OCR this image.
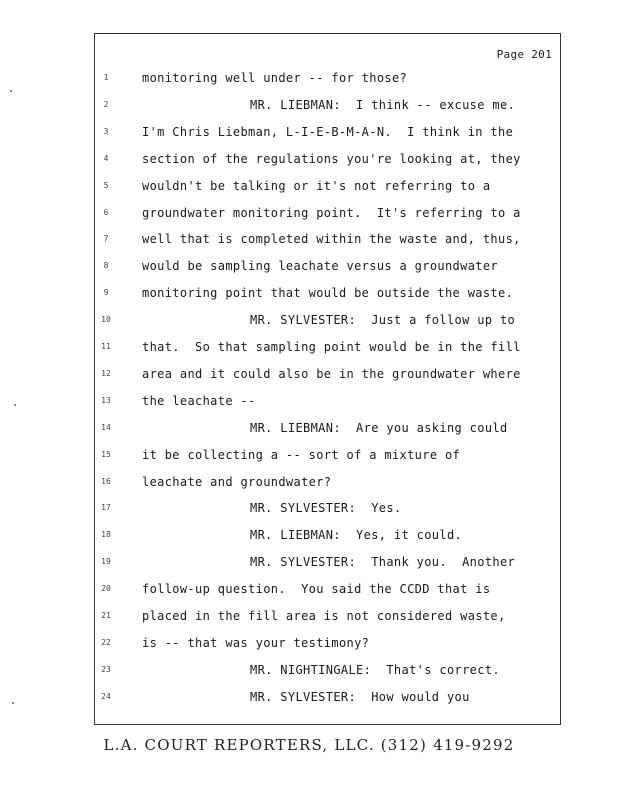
Page 201
1	monitoring well under -- for those?
2	MR. LIEBMAN:  I think -- excuse me.
3	I'm Chris Liebman, L-I-E-B-M-A-N.  I think in the
4	section of the regulations you're looking at, they
5	wouldn't be talking or it's not referring to a
6	groundwater monitoring point.  It's referring to a
7	well that is completed within the waste and, thus,
8	would be sampling leachate versus a groundwater
9	monitoring point that would be outside the waste.
10	MR. SYLVESTER:  Just a follow up to
11	that.  So that sampling point would be in the fill
12	area and it could also be in the groundwater where
13	the leachate --
14	MR. LIEBMAN:  Are you asking could
15	it be collecting a -- sort of a mixture of
16	leachate and groundwater?
17	MR. SYLVESTER:  Yes.
18	MR. LIEBMAN:  Yes, it could.
19	MR. SYLVESTER:  Thank you.  Another
20	follow-up question.  You said the CCDD that is
21	placed in the fill area is not considered waste,
22	is -- that was your testimony?
23	MR. NIGHTINGALE:  That's correct.
24	MR. SYLVESTER:  How would you
L.A. COURT REPORTERS, LLC. (312) 419-9292
